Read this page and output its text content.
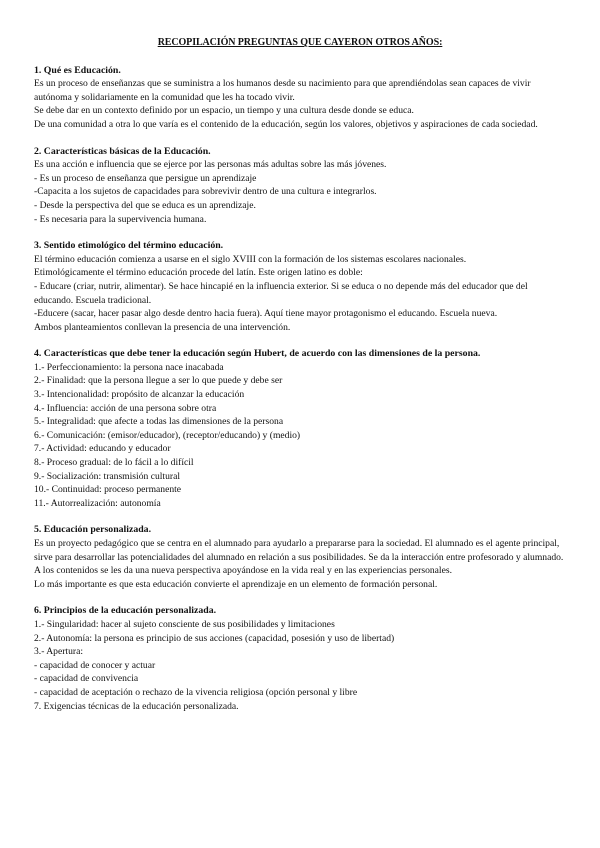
RECOPILACIÓN PREGUNTAS QUE CAYERON OTROS AÑOS:

1. Qué es Educación.

Es un proceso de enseñanzas que se suministra a los humanos desde su nacimiento para que aprendiéndolas sean capaces de vivir autónoma y solidariamente en la comunidad que les ha tocado vivir.

Se debe dar en un contexto definido por un espacio, un tiempo y una cultura desde donde se educa.

De una comunidad a otra lo que varía es el contenido de la educación, según los valores, objetivos y aspiraciones de cada sociedad.

2. Características básicas de la Educación.

Es una acción e influencia que se ejerce por las personas más adultas sobre las más jóvenes.

- Es un proceso de enseñanza que persigue un aprendizaje

-Capacita a los sujetos de capacidades para sobrevivir dentro de una cultura e integrarlos.

- Desde la perspectiva del que se educa es un aprendizaje.

- Es necesaria para la supervivencia humana.

3. Sentido etimológico del término educación.

El término educación comienza a usarse en el siglo XVIII con la formación de los sistemas escolares nacionales.

Etimológicamente el término educación procede del latín. Este origen latino es doble:

- Educare (criar, nutrir, alimentar). Se hace hincapié en la influencia exterior. Si se educa o no depende más del educador que del educando. Escuela tradicional.

-Educere (sacar, hacer pasar algo desde dentro hacia fuera). Aquí tiene mayor protagonismo el educando. Escuela nueva.

Ambos planteamientos conllevan la presencia de una intervención.

4. Características que debe tener la educación según Hubert, de acuerdo con las dimensiones de la persona.

1.- Perfeccionamiento: la persona nace inacabada

2.- Finalidad: que la persona llegue a ser lo que puede y debe ser

3.- Intencionalidad: propósito de alcanzar la educación

4.- Influencia: acción de una persona sobre otra

5.- Integralidad: que afecte a todas las dimensiones de la persona

6.- Comunicación: (emisor/educador), (receptor/educando) y (medio)

7.- Actividad: educando y educador

8.- Proceso gradual: de lo fácil a lo difícil

9.- Socialización: transmisión cultural

10.- Continuidad: proceso permanente

11.- Autorrealización: autonomía

5. Educación personalizada.

Es un proyecto pedagógico que se centra en el alumnado para ayudarlo a prepararse para la sociedad. El alumnado es el agente principal, sirve para desarrollar las potencialidades del alumnado en relación a sus posibilidades. Se da la interacción entre profesorado y alumnado. A los contenidos se les da una nueva perspectiva apoyándose en la vida real y en las experiencias personales.

Lo más importante es que esta educación convierte el aprendizaje en un elemento de formación personal.

6. Principios de la educación personalizada.

1.- Singularidad: hacer al sujeto consciente de sus posibilidades y limitaciones

2.- Autonomía: la persona es principio de sus acciones (capacidad, posesión y uso de libertad)

3.- Apertura:

- capacidad de conocer y actuar

- capacidad de convivencia

- capacidad de aceptación o rechazo de la vivencia religiosa (opción personal y libre

7. Exigencias técnicas de la educación personalizada.
